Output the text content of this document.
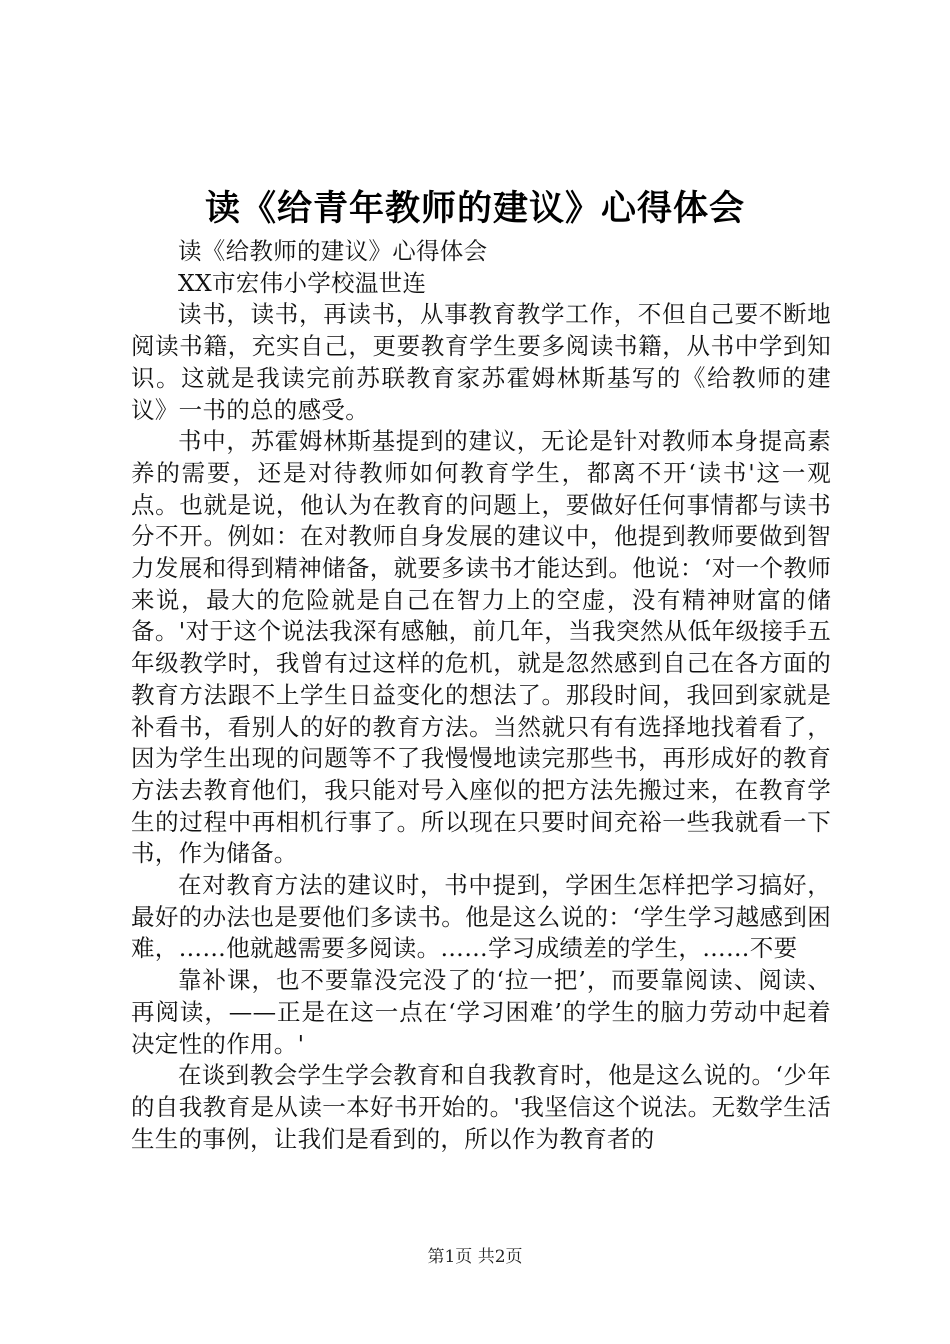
读《给青年教师的建议》心得体会

读《给教师的建议》心得体会

XX市宏伟小学校温世连

读书，读书，再读书，从事教育教学工作，不但自己要不断地阅读书籍，充实自己，更要教育学生要多阅读书籍，从书中学到知识。这就是我读完前苏联教育家苏霍姆林斯基写的《给教师的建议》一书的总的感受。

书中，苏霍姆林斯基提到的建议，无论是针对教师本身提高素养的需要，还是对待教师如何教育学生，都离不开‘读书'这一观点。也就是说，他认为在教育的问题上，要做好任何事情都与读书分不开。例如：在对教师自身发展的建议中，他提到教师要做到智力发展和得到精神储备，就要多读书才能达到。他说：‘对一个教师来说，最大的危险就是自己在智力上的空虚，没有精神财富的储备。'对于这个说法我深有感触，前几年，当我突然从低年级接手五年级教学时，我曾有过这样的危机，就是忽然感到自己在各方面的教育方法跟不上学生日益变化的想法了。那段时间，我回到家就是补看书，看别人的好的教育方法。当然就只有有选择地找着看了，因为学生出现的问题等不了我慢慢地读完那些书，再形成好的教育方法去教育他们，我只能对号入座似的把方法先搬过来，在教育学生的过程中再相机行事了。所以现在只要时间充裕一些我就看一下书，作为储备。

在对教育方法的建议时，书中提到，学困生怎样把学习搞好，最好的办法也是要他们多读书。他是这么说的：‘学生学习越感到困难，……他就越需要多阅读。……学习成绩差的学生，……不要

靠补课，也不要靠没完没了的‘拉一把’，而要靠阅读、阅读、再阅读，——正是在这一点在‘学习困难’的学生的脑力劳动中起着决定性的作用。'

在谈到教会学生学会教育和自我教育时，他是这么说的。‘少年的自我教育是从读一本好书开始的。'我坚信这个说法。无数学生活生生的事例，让我们是看到的，所以作为教育者的

第1页 共2页
